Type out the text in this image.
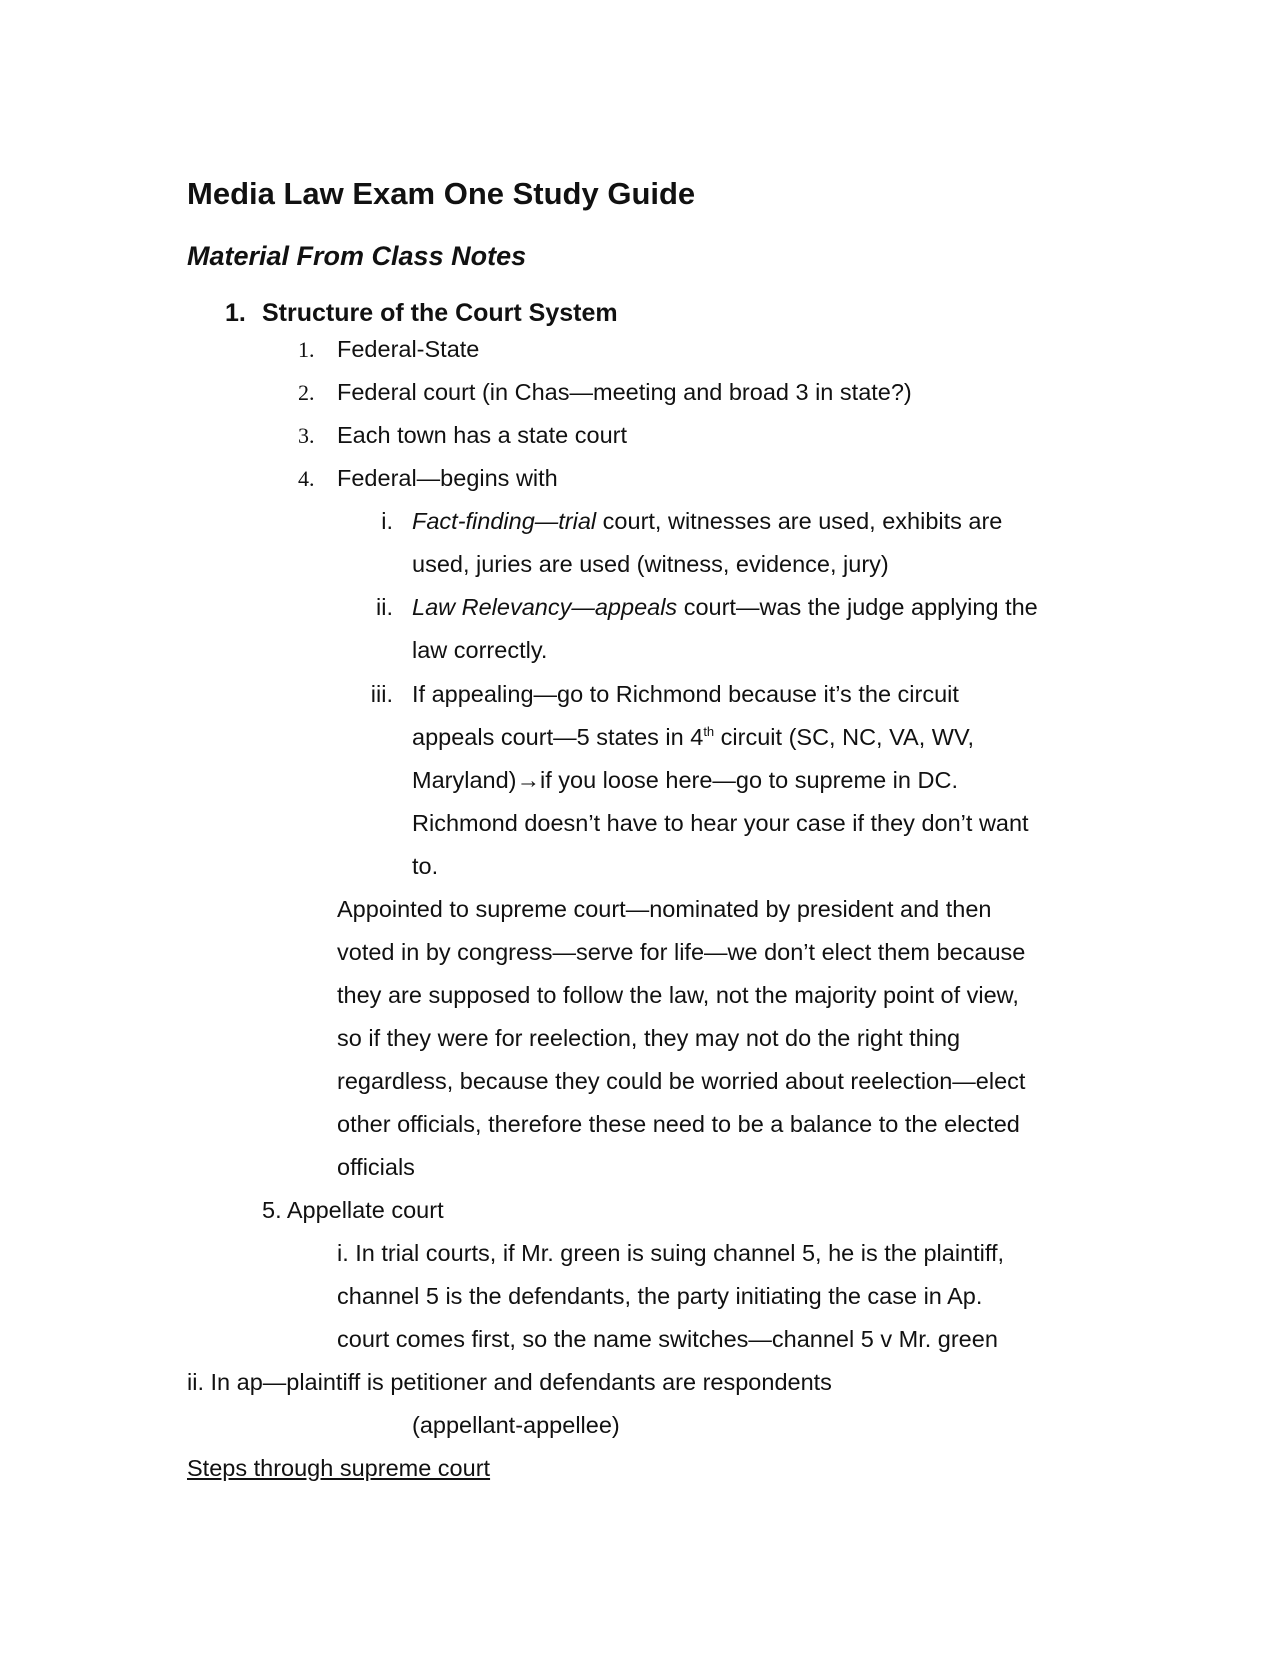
Media Law Exam One Study Guide
Material From Class Notes
1. Structure of the Court System
1. Federal-State
2. Federal court (in Chas—meeting and broad 3 in state?)
3. Each town has a state court
4. Federal—begins with
i. Fact-finding—trial court, witnesses are used, exhibits are
used, juries are used (witness, evidence, jury)
ii. Law Relevancy—appeals court—was the judge applying the
law correctly.
iii. If appealing—go to Richmond because it’s the circuit
appeals court—5 states in 4th circuit (SC, NC, VA, WV,
Maryland)→if you loose here—go to supreme in DC.
Richmond doesn’t have to hear your case if they don’t want
to.
Appointed to supreme court—nominated by president and then
voted in by congress—serve for life—we don’t elect them because
they are supposed to follow the law, not the majority point of view,
so if they were for reelection, they may not do the right thing
regardless, because they could be worried about reelection—elect
other officials, therefore these need to be a balance to the elected
officials
5. Appellate court
i. In trial courts, if Mr. green is suing channel 5, he is the plaintiff,
channel 5 is the defendants, the party initiating the case in Ap.
court comes first, so the name switches—channel 5 v Mr. green
ii. In ap—plaintiff is petitioner and defendants are respondents
(appellant-appellee)
Steps through supreme court
